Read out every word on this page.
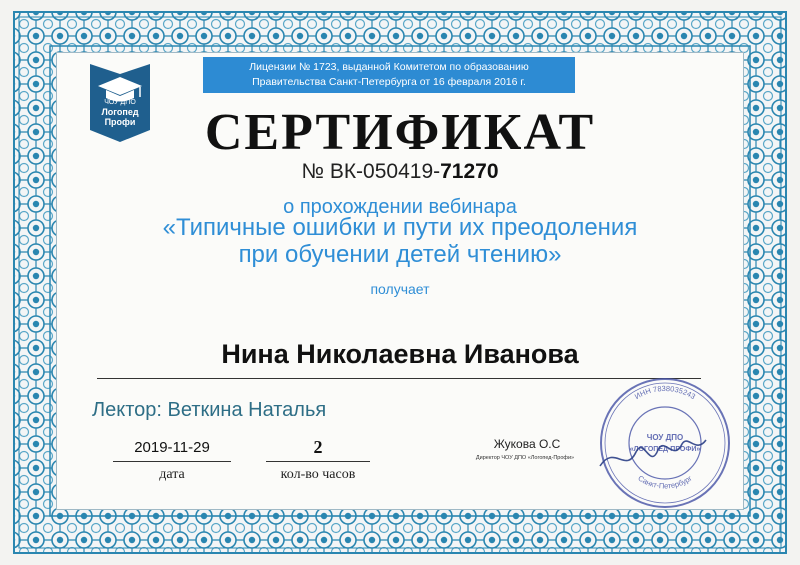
ЧОУ ДПО
Логопед
Профи
Лицензии № 1723, выданной Комитетом по образованию
Правительства Санкт-Петербурга от 16 февраля 2016 г.
СЕРТИФИКАТ
№ ВК-050419-71270
о прохождении вебинара
«Типичные ошибки и пути их преодоления
при обучении детей чтению»
получает
Нина Николаевна Иванова
Лектор: Веткина Наталья
2019-11-29
дата
2
кол-во часов
Жукова О.С
Директор ЧОУ ДПО «Логопед-Профи»
ИНН 7838035243
Санкт-Петербург
ЧОУ ДПО
«ЛОГОПЕД-ПРОФИ»
